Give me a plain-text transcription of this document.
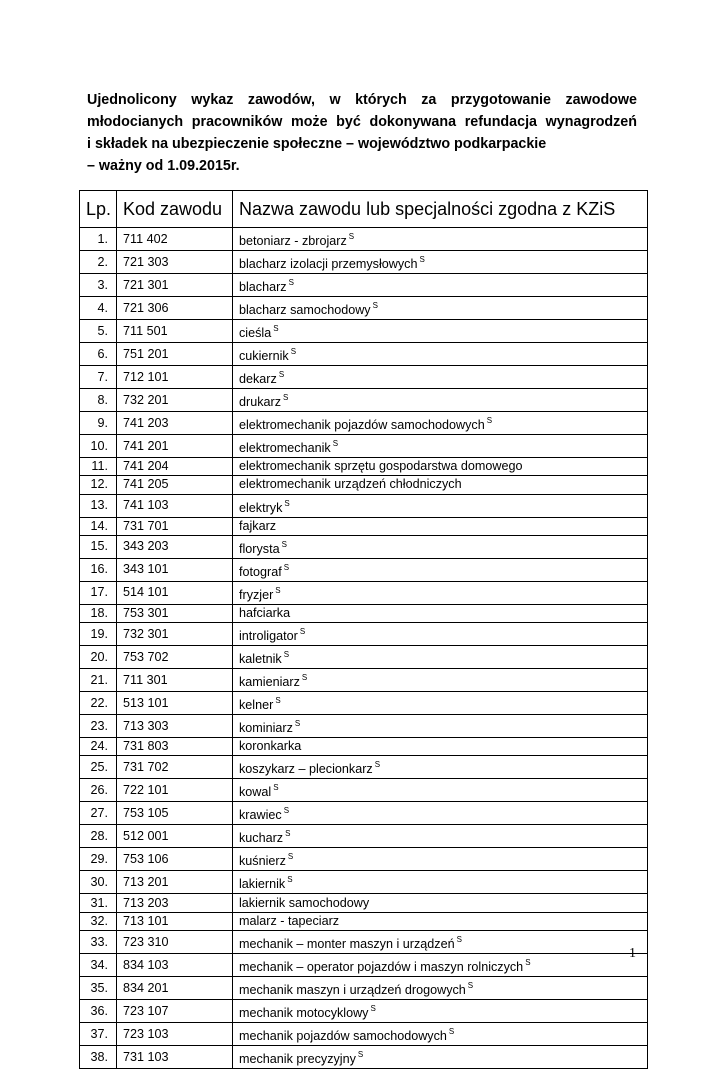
Ujednolicony wykaz zawodów, w których za przygotowanie zawodowe
młodocianych pracowników może być dokonywana refundacja wynagrodzeń
i składek na ubezpieczenie społeczne – województwo podkarpackie
– ważny od 1.09.2015r.
Lp.	Kod zawodu	Nazwa zawodu lub specjalności zgodna z KZiS
1.	711 402	betoniarz - zbrojarz $^S$
2.	721 303	blacharz izolacji przemysłowych $^S$
3.	721 301	blacharz $^S$
4.	721 306	blacharz samochodowy $^S$
5.	711 501	cieśla $^S$
6.	751 201	cukiernik $^S$
7.	712 101	dekarz $^S$
8.	732 201	drukarz $^S$
9.	741 203	elektromechanik pojazdów samochodowych $^S$
10.	741 201	elektromechanik $^S$
11.	741 204	elektromechanik sprzętu gospodarstwa domowego
12.	741 205	elektromechanik urządzeń chłodniczych
13.	741 103	elektryk $^S$
14.	731 701	fajkarz
15.	343 203	florysta $^S$
16.	343 101	fotograf $^S$
17.	514 101	fryzjer $^S$
18.	753 301	hafciarka
19.	732 301	introligator $^S$
20.	753 702	kaletnik $^S$
21.	711 301	kamieniarz $^S$
22.	513 101	kelner $^S$
23.	713 303	kominiarz $^S$
24.	731 803	koronkarka
25.	731 702	koszykarz – plecionkarz $^S$
26.	722 101	kowal $^S$
27.	753 105	krawiec $^S$
28.	512 001	kucharz $^S$
29.	753 106	kuśnierz $^S$
30.	713 201	lakiernik $^S$
31.	713 203	lakiernik samochodowy
32.	713 101	malarz - tapeciarz
33.	723 310	mechanik – monter maszyn i urządzeń $^S$
34.	834 103	mechanik – operator pojazdów i maszyn rolniczych $^S$
35.	834 201	mechanik maszyn i urządzeń drogowych $^S$
36.	723 107	mechanik motocyklowy $^S$
37.	723 103	mechanik pojazdów samochodowych $^S$
38.	731 103	mechanik precyzyjny $^S$
1
